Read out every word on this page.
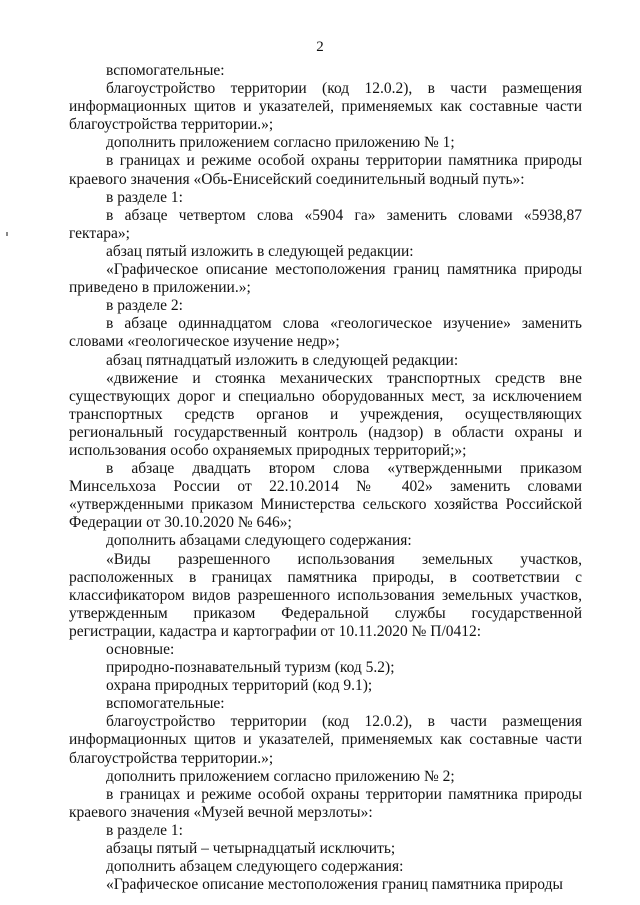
2

вспомогательные:

благоустройство территории (код 12.0.2), в части размещения информационных щитов и указателей, применяемых как составные части благоустройства территории.»;

дополнить приложением согласно приложению № 1;

в границах и режиме особой охраны территории памятника природы краевого значения «Обь-Енисейский соединительный водный путь»:

в разделе 1:

в абзаце четвертом слова «5904 га» заменить словами «5938,87 гектара»;

абзац пятый изложить в следующей редакции:

«Графическое описание местоположения границ памятника природы приведено в приложении.»;

в разделе 2:

в абзаце одиннадцатом слова «геологическое изучение» заменить словами «геологическое изучение недр»;

абзац пятнадцатый изложить в следующей редакции:

«движение и стоянка механических транспортных средств вне существующих дорог и специально оборудованных мест, за исключением транспортных средств органов и учреждения, осуществляющих региональный государственный контроль (надзор) в области охраны и использования особо охраняемых природных территорий;»;

в абзаце двадцать втором слова «утвержденными приказом Минсельхоза России от 22.10.2014 № 402» заменить словами «утвержденными приказом Министерства сельского хозяйства Российской Федерации от 30.10.2020 № 646»;

дополнить абзацами следующего содержания:

«Виды разрешенного использования земельных участков, расположенных в границах памятника природы, в соответствии с классификатором видов разрешенного использования земельных участков, утвержденным приказом Федеральной службы государственной регистрации, кадастра и картографии от 10.11.2020 № П/0412:

основные:

природно-познавательный туризм (код 5.2);

охрана природных территорий (код 9.1);

вспомогательные:

благоустройство территории (код 12.0.2), в части размещения информационных щитов и указателей, применяемых как составные части благоустройства территории.»;

дополнить приложением согласно приложению № 2;

в границах и режиме особой охраны территории памятника природы краевого значения «Музей вечной мерзлоты»:

в разделе 1:

абзацы пятый – четырнадцатый исключить;

дополнить абзацем следующего содержания:

«Графическое описание местоположения границ памятника природы
